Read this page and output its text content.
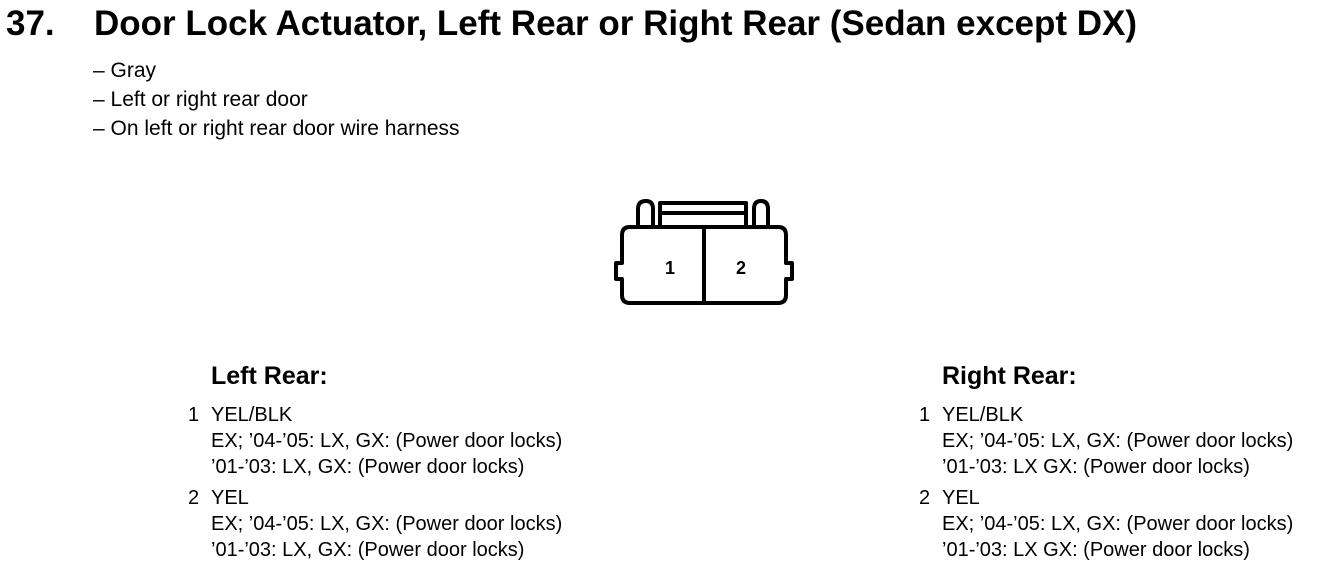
37. Door Lock Actuator, Left Rear or Right Rear (Sedan except DX)
– Gray
– Left or right rear door
– On left or right rear door wire harness
1	2
Left Rear:
1 YEL/BLK
EX; ’04-’05: LX, GX: (Power door locks)
’01-’03: LX, GX: (Power door locks)
2 YEL
EX; ’04-’05: LX, GX: (Power door locks)
’01-’03: LX, GX: (Power door locks)
Right Rear:
1 YEL/BLK
EX; ’04-’05: LX, GX: (Power door locks)
’01-’03: LX GX: (Power door locks)
2 YEL
EX; ’04-’05: LX, GX: (Power door locks)
’01-’03: LX GX: (Power door locks)
